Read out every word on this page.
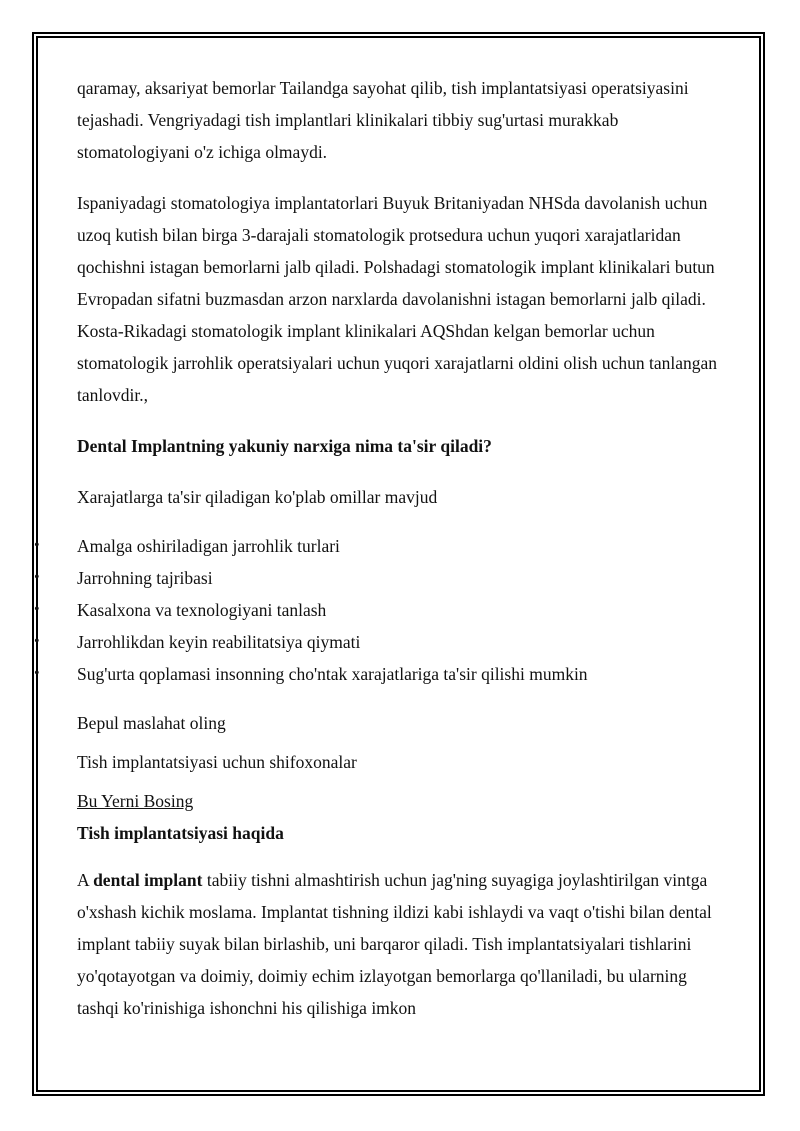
qaramay, aksariyat bemorlar Tailandga sayohat qilib, tish implantatsiyasi operatsiyasini tejashadi. Vengriyadagi tish implantlari klinikalari tibbiy sug'urtasi murakkab stomatologiyani o'z ichiga olmaydi.

Ispaniyadagi stomatologiya implantatorlari Buyuk Britaniyadan NHSda davolanish uchun uzoq kutish bilan birga 3-darajali stomatologik protsedura uchun yuqori xarajatlaridan qochishni istagan bemorlarni jalb qiladi. Polshadagi stomatologik implant klinikalari butun Evropadan sifatni buzmasdan arzon narxlarda davolanishni istagan bemorlarni jalb qiladi. Kosta-Rikadagi stomatologik implant klinikalari AQShdan kelgan bemorlar uchun stomatologik jarrohlik operatsiyalari uchun yuqori xarajatlarni oldini olish uchun tanlangan tanlovdir.,

Dental Implantning yakuniy narxiga nima ta'sir qiladi?

Xarajatlarga ta'sir qiladigan ko'plab omillar mavjud

• Amalga oshiriladigan jarrohlik turlari
• Jarrohning tajribasi
• Kasalxona va texnologiyani tanlash
• Jarrohlikdan keyin reabilitatsiya qiymati
• Sug'urta qoplamasi insonning cho'ntak xarajatlariga ta'sir qilishi mumkin

Bepul maslahat oling

Tish implantatsiyasi uchun shifoxonalar

Bu Yerni Bosing

Tish implantatsiyasi haqida

A dental implant tabiiy tishni almashtirish uchun jag'ning suyagiga joylashtirilgan vintga o'xshash kichik moslama. Implantat tishning ildizi kabi ishlaydi va vaqt o'tishi bilan dental implant tabiiy suyak bilan birlashib, uni barqaror qiladi. Tish implantatsiyalari tishlarini yo'qotayotgan va doimiy, doimiy echim izlayotgan bemorlarga qo'llaniladi, bu ularning tashqi ko'rinishiga ishonchni his qilishiga imkon
